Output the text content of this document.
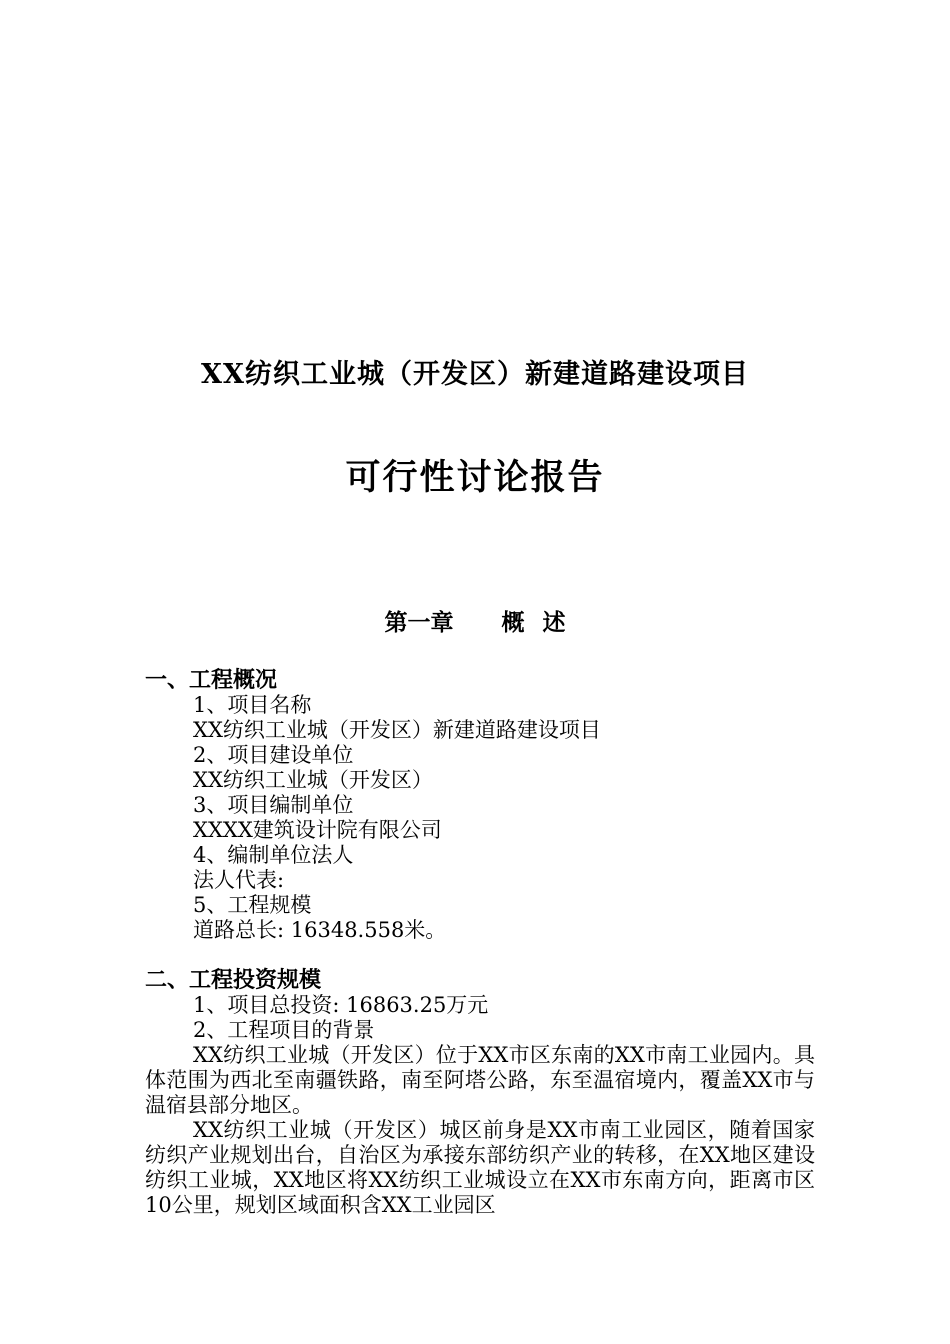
XX纺织工业城（开发区）新建道路建设项目
可行性讨论报告
第一章 概 述

一、工程概况

1、项目名称

XX纺织工业城（开发区）新建道路建设项目

2、项目建设单位

XX纺织工业城（开发区）

3、项目编制单位

XXXX建筑设计院有限公司

4、编制单位法人

法人代表:

5、工程规模

道路总长: 16348.558米。

二、工程投资规模

1、项目总投资: 16863.25万元

2、工程项目的背景

XX纺织工业城（开发区）位于XX市区东南的XX市南工业园内。具体范围为西北至南疆铁路，南至阿塔公路，东至温宿境内，覆盖XX市与温宿县部分地区。

XX纺织工业城（开发区）城区前身是XX市南工业园区，随着国家纺织产业规划出台，自治区为承接东部纺织产业的转移，在XX地区建设纺织工业城，XX地区将XX纺织工业城设立在XX市东南方向，距离市区10公里，规划区域面积含XX工业园区
